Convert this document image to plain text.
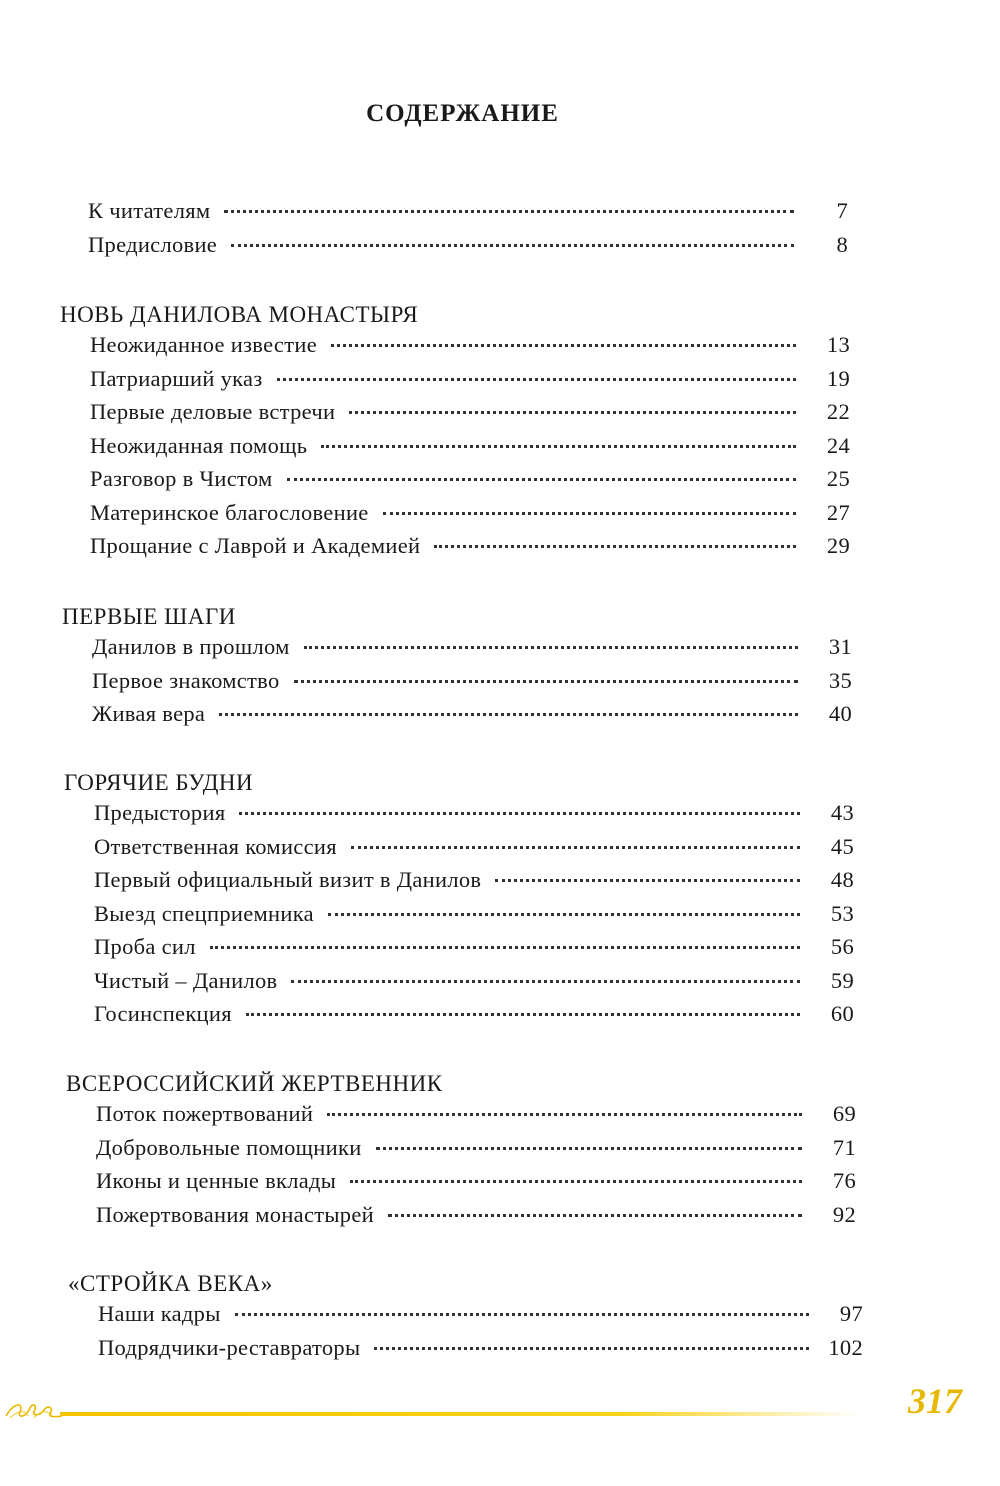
СОДЕРЖАНИЕ
К читателям	7
Предисловие	8
НОВЬ ДАНИЛОВА МОНАСТЫРЯ
Неожиданное известие	13
Патриарший указ	19
Первые деловые встречи	22
Неожиданная помощь	24
Разговор в Чистом	25
Материнское благословение	27
Прощание с Лаврой и Академией	29
ПЕРВЫЕ ШАГИ
Данилов в прошлом	31
Первое знакомство	35
Живая вера	40
ГОРЯЧИЕ БУДНИ
Предыстория	43
Ответственная комиссия	45
Первый официальный визит в Данилов	48
Выезд спецприемника	53
Проба сил	56
Чистый – Данилов	59
Госинспекция	60
ВСЕРОССИЙСКИЙ ЖЕРТВЕННИК
Поток пожертвований	69
Добровольные помощники	71
Иконы и ценные вклады	76
Пожертвования монастырей	92
«СТРОЙКА ВЕКА»
Наши кадры	97
Подрядчики-реставраторы	102
317
